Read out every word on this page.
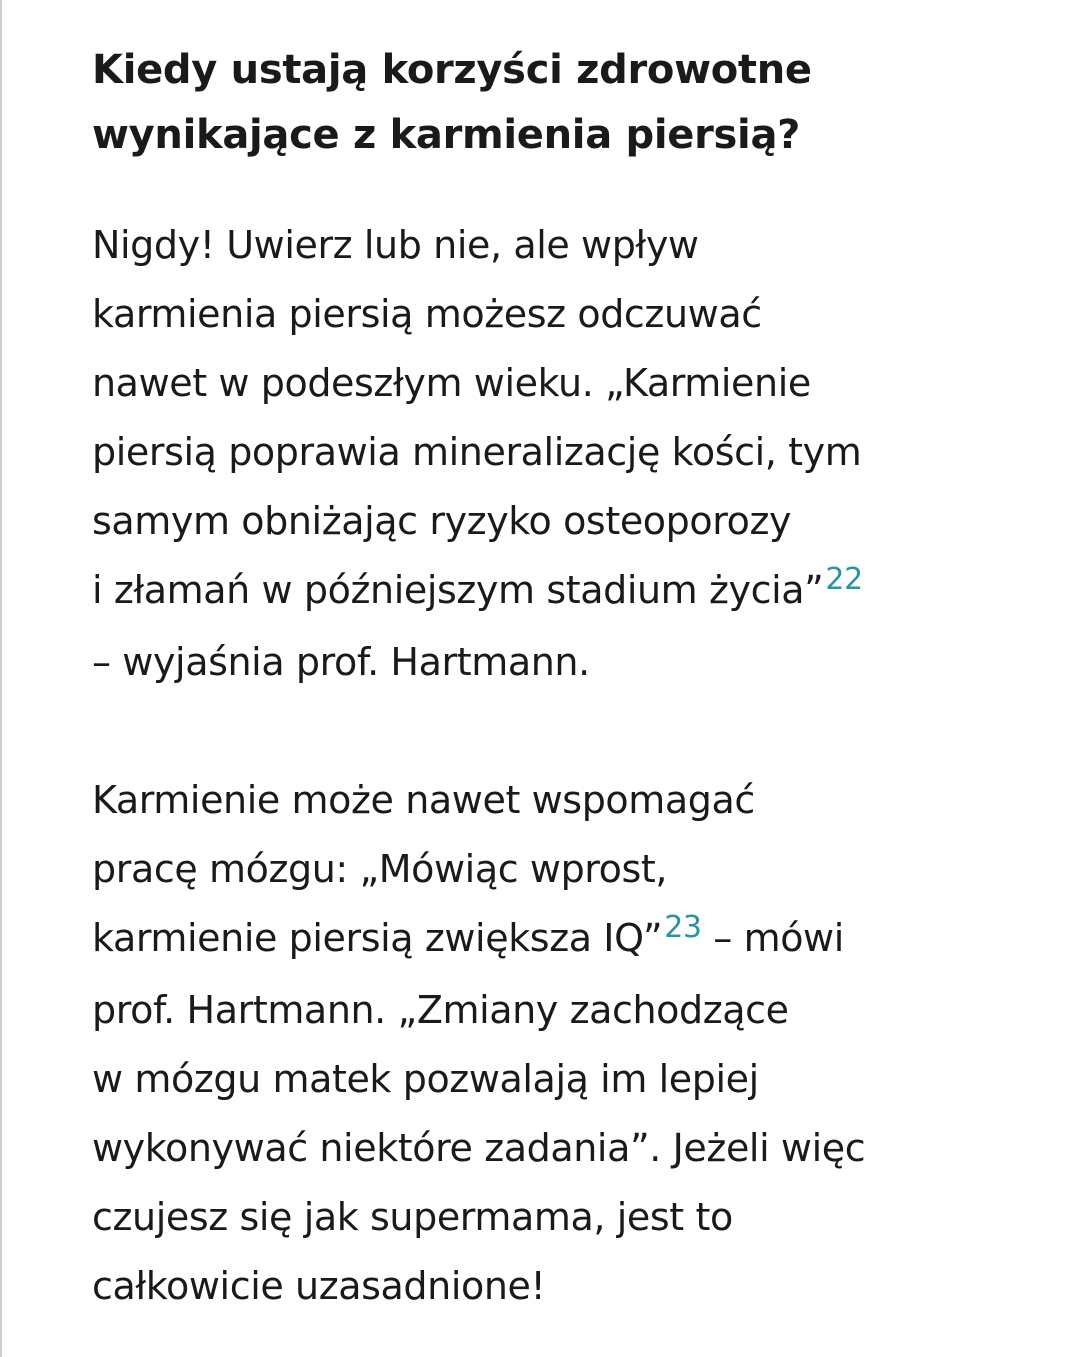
Kiedy ustają korzyści zdrowotne
wynikające z karmienia piersią?

Nigdy! Uwierz lub nie, ale wpływ
karmienia piersią możesz odczuwać
nawet w podeszłym wieku. „Karmienie
piersią poprawia mineralizację kości, tym
samym obniżając ryzyko osteoporozy
i złamań w późniejszym stadium życia”$^{22}$
– wyjaśnia prof. Hartmann.

Karmienie może nawet wspomagać
pracę mózgu: „Mówiąc wprost,
karmienie piersią zwiększa IQ”$^{23}$ – mówi
prof. Hartmann. „Zmiany zachodzące
w mózgu matek pozwalają im lepiej
wykonywać niektóre zadania”. Jeżeli więc
czujesz się jak supermama, jest to
całkowicie uzasadnione!
